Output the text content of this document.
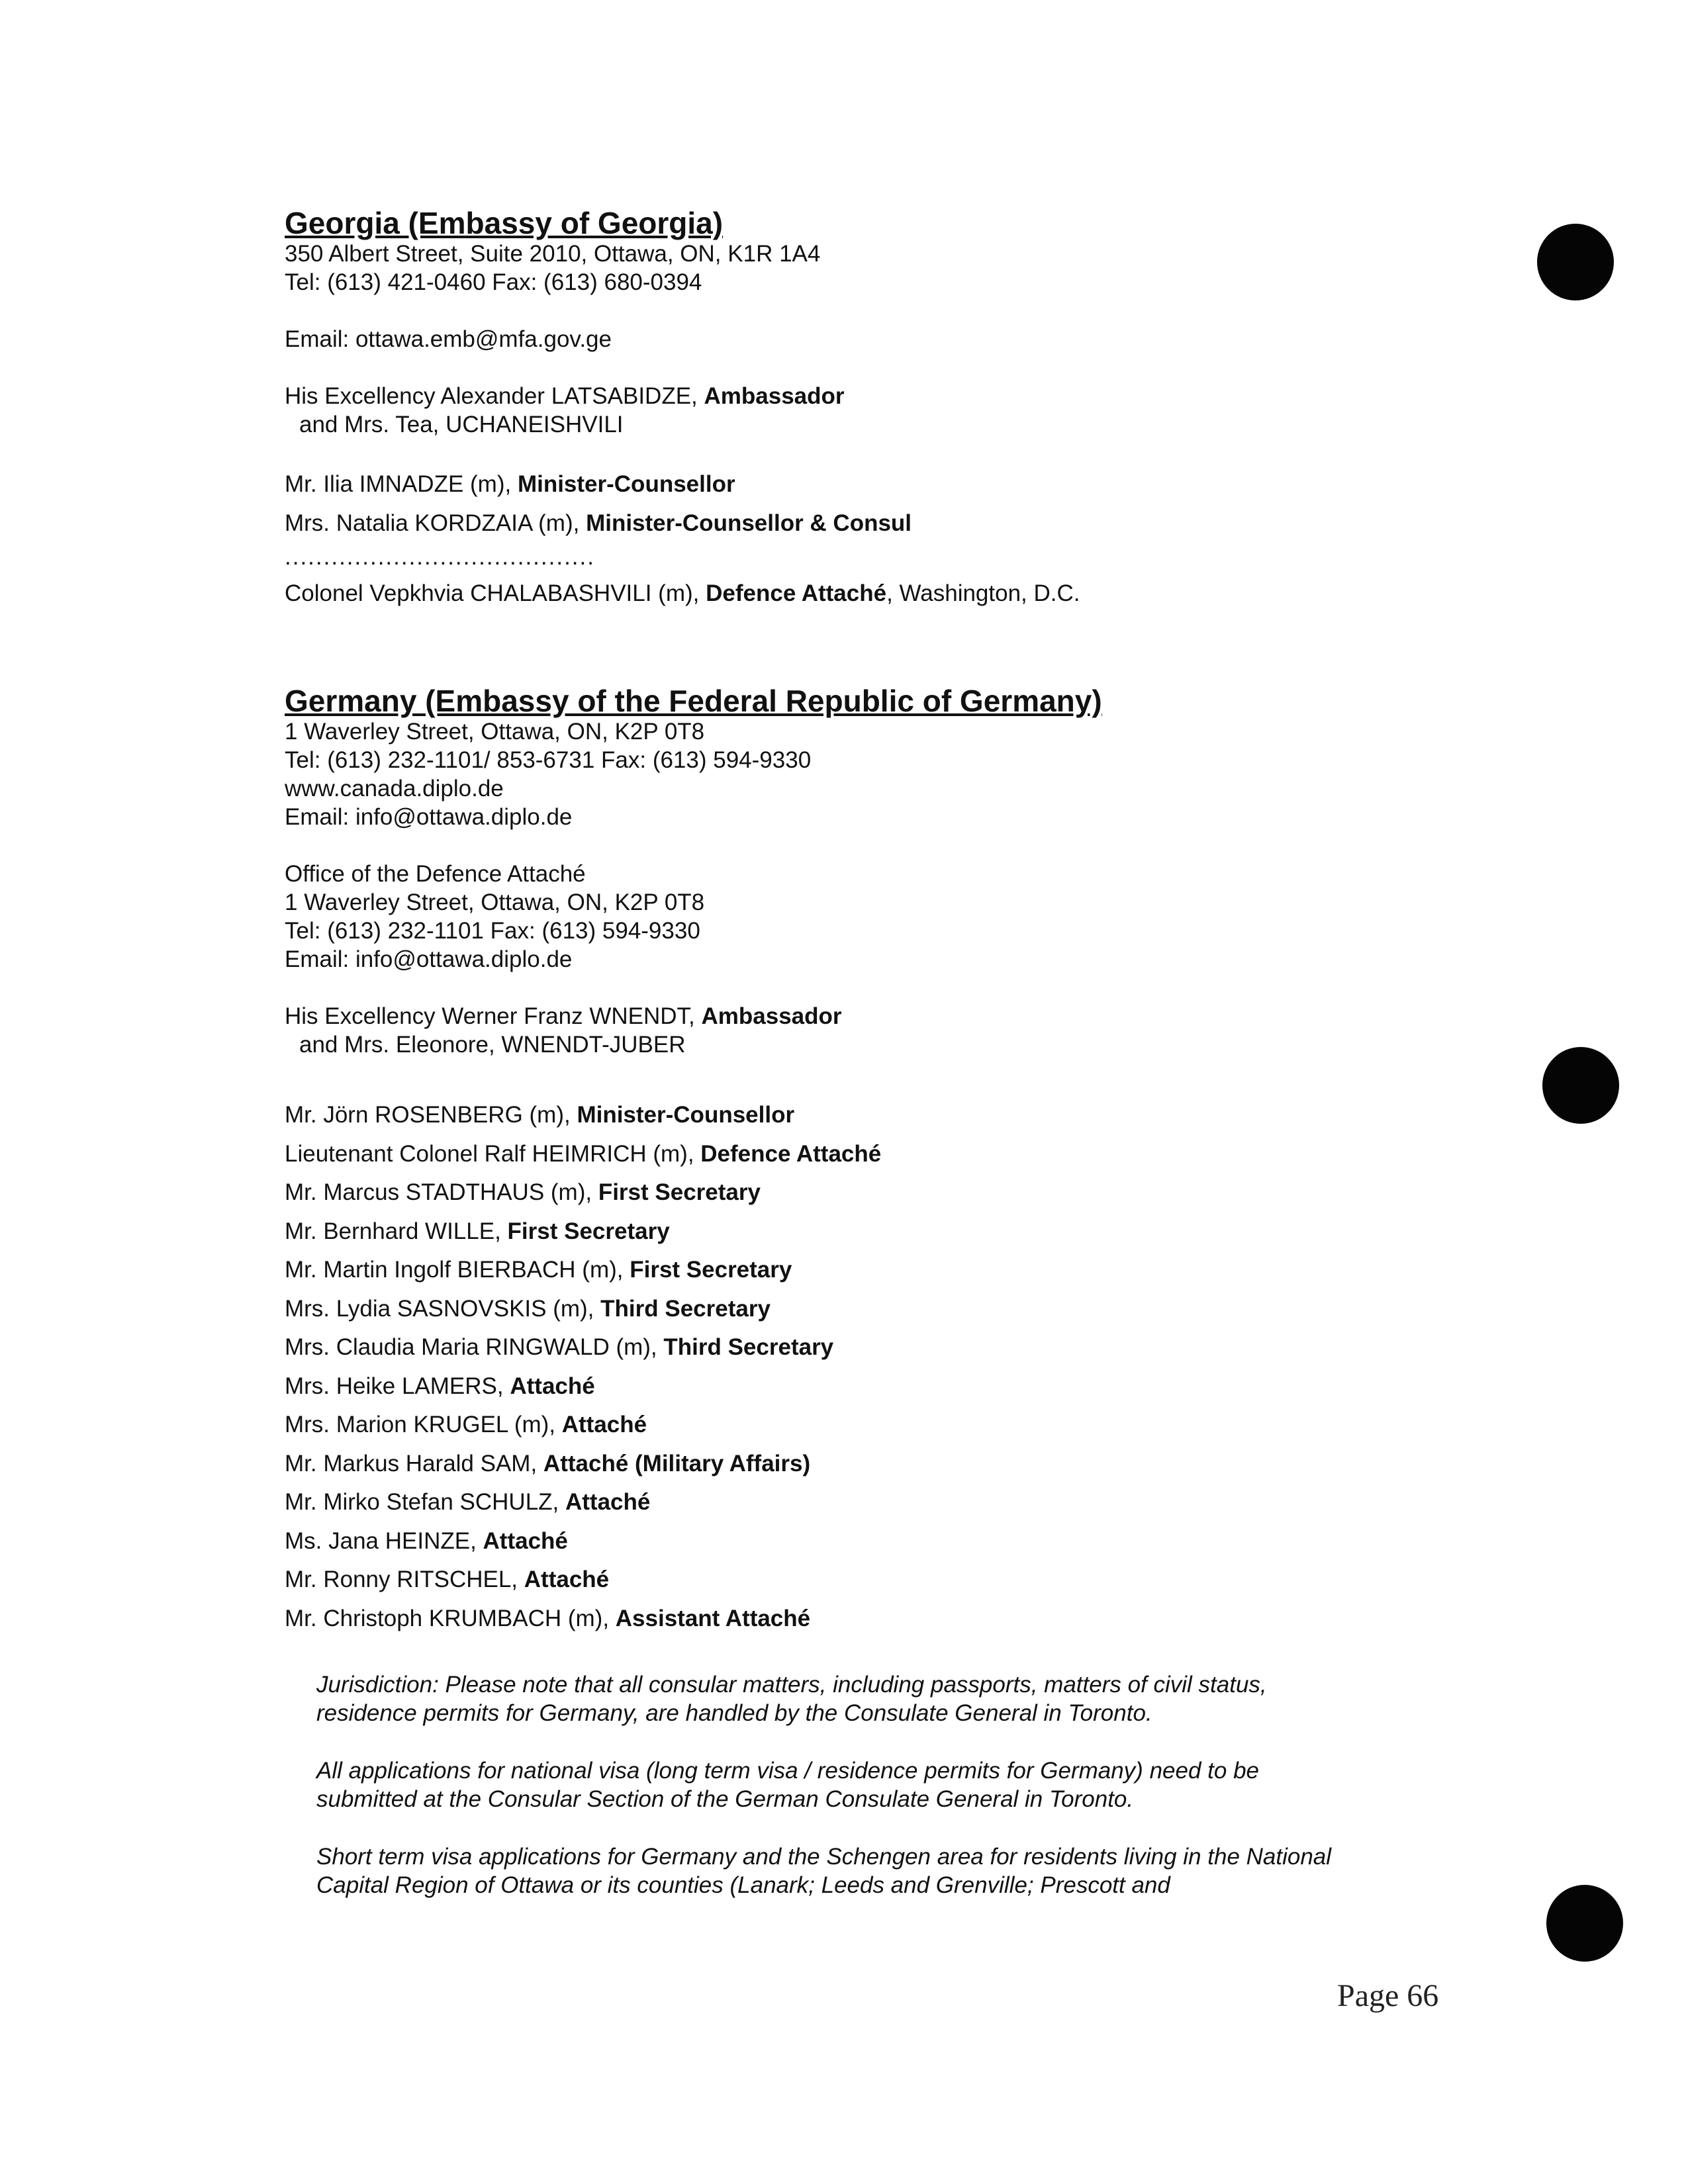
Georgia (Embassy of Georgia)
350 Albert Street, Suite 2010, Ottawa, ON, K1R 1A4
Tel: (613) 421-0460 Fax: (613) 680-0394
Email: ottawa.emb@mfa.gov.ge
His Excellency Alexander LATSABIDZE, Ambassador
and Mrs. Tea, UCHANEISHVILI
Mr. Ilia IMNADZE (m), Minister-Counsellor
Mrs. Natalia KORDZAIA (m), Minister-Counsellor & Consul
........................................
Colonel Vepkhvia CHALABASHVILI (m), Defence Attaché, Washington, D.C.
Germany (Embassy of the Federal Republic of Germany)
1 Waverley Street, Ottawa, ON, K2P 0T8
Tel: (613) 232-1101/ 853-6731 Fax: (613) 594-9330
www.canada.diplo.de
Email: info@ottawa.diplo.de
Office of the Defence Attaché
1 Waverley Street, Ottawa, ON, K2P 0T8
Tel: (613) 232-1101 Fax: (613) 594-9330
Email: info@ottawa.diplo.de
His Excellency Werner Franz WNENDT, Ambassador
and Mrs. Eleonore, WNENDT-JUBER
Mr. Jörn ROSENBERG (m), Minister-Counsellor
Lieutenant Colonel Ralf HEIMRICH (m), Defence Attaché
Mr. Marcus STADTHAUS (m), First Secretary
Mr. Bernhard WILLE, First Secretary
Mr. Martin Ingolf BIERBACH (m), First Secretary
Mrs. Lydia SASNOVSKIS (m), Third Secretary
Mrs. Claudia Maria RINGWALD (m), Third Secretary
Mrs. Heike LAMERS, Attaché
Mrs. Marion KRUGEL (m), Attaché
Mr. Markus Harald SAM, Attaché (Military Affairs)
Mr. Mirko Stefan SCHULZ, Attaché
Ms. Jana HEINZE, Attaché
Mr. Ronny RITSCHEL, Attaché
Mr. Christoph KRUMBACH (m), Assistant Attaché

Jurisdiction: Please note that all consular matters, including passports, matters of civil status, residence permits for Germany, are handled by the Consulate General in Toronto.

All applications for national visa (long term visa / residence permits for Germany) need to be submitted at the Consular Section of the German Consulate General in Toronto.

Short term visa applications for Germany and the Schengen area for residents living in the National Capital Region of Ottawa or its counties (Lanark; Leeds and Grenville; Prescott and

Page 66
